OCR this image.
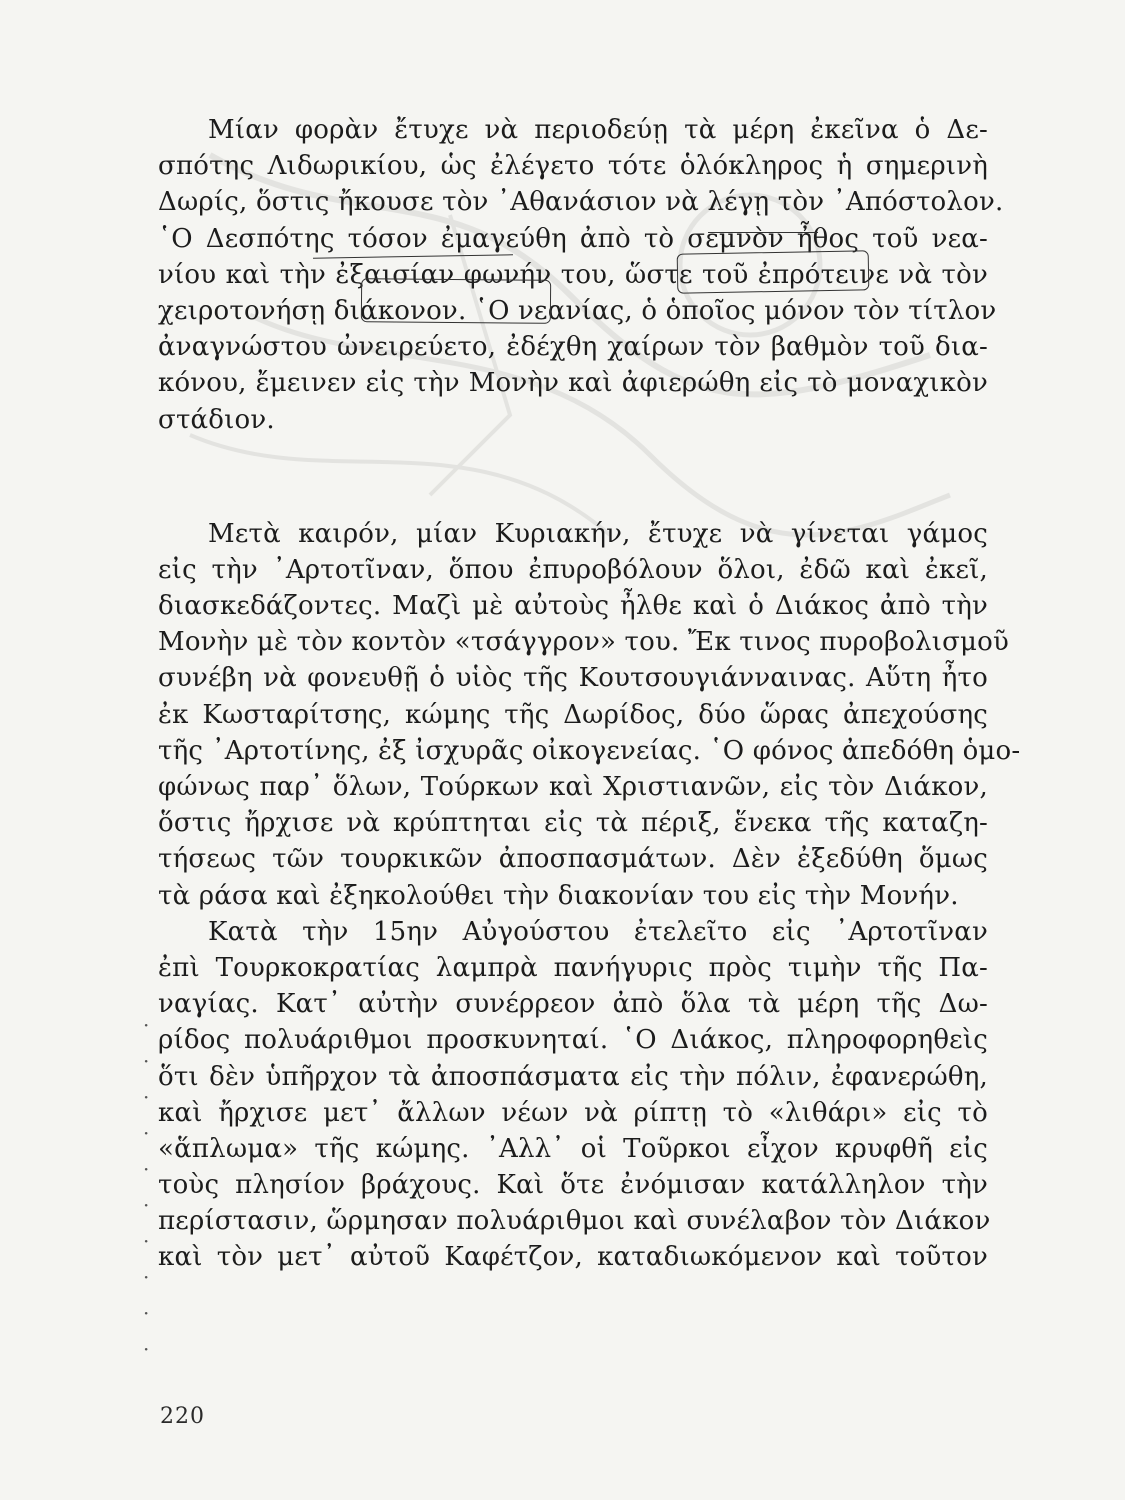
Μίαν φορὰν ἔτυχε νὰ περιοδεύῃ τὰ μέρη ἐκεῖνα ὁ Δε-
σπότης Λιδωρικίου, ὡς ἐλέγετο τότε ὁλόκληρος ἡ σημερινὴ
Δωρίς, ὅστις ἤκουσε τὸν ᾿Αθανάσιον νὰ λέγῃ τὸν ᾿Απόστολον.
῾Ο Δεσπότης τόσον ἐμαγεύθη ἀπὸ τὸ σεμνὸν ἦθος τοῦ νεα-
νίου καὶ τὴν ἐξαισίαν φωνήν του, ὥστε τοῦ ἐπρότεινε νὰ τὸν
χειροτονήσῃ διάκονον. ῾Ο νεανίας, ὁ ὁποῖος μόνον τὸν τίτλον
ἀναγνώστου ὠνειρεύετο, ἐδέχθη χαίρων τὸν βαθμὸν τοῦ δια-
κόνου, ἔμεινεν εἰς τὴν Μονὴν καὶ ἀφιερώθη εἰς τὸ μοναχικὸν
στάδιον.
Μετὰ καιρόν, μίαν Κυριακήν, ἔτυχε νὰ γίνεται γάμος
εἰς τὴν ᾿Αρτοτῖναν, ὅπου ἐπυροβόλουν ὅλοι, ἐδῶ καὶ ἐκεῖ,
διασκεδάζοντες. Μαζὶ μὲ αὐτοὺς ἦλθε καὶ ὁ Διάκος ἀπὸ τὴν
Μονὴν μὲ τὸν κοντὸν «τσάγγρον» του. Ἔκ τινος πυροβολισμοῦ
συνέβη νὰ φονευθῇ ὁ υἱὸς τῆς Κουτσουγιάνναινας. Αὕτη ἦτο
ἐκ Κωσταρίτσης, κώμης τῆς Δωρίδος, δύο ὥρας ἀπεχούσης
τῆς ᾿Αρτοτίνης, ἐξ ἰσχυρᾶς οἰκογενείας. ῾Ο φόνος ἀπεδόθη ὁμο-
φώνως παρ᾿ ὅλων, Τούρκων καὶ Χριστιανῶν, εἰς τὸν Διάκον,
ὅστις ἤρχισε νὰ κρύπτηται εἰς τὰ πέριξ, ἕνεκα τῆς καταζη-
τήσεως τῶν τουρκικῶν ἀποσπασμάτων. Δὲν ἐξεδύθη ὅμως
τὰ ράσα καὶ ἐξηκολούθει τὴν διακονίαν του εἰς τὴν Μονήν.
Κατὰ τὴν 15ην Αὐγούστου ἐτελεῖτο εἰς ᾿Αρτοτῖναν
ἐπὶ Τουρκοκρατίας λαμπρὰ πανήγυρις πρὸς τιμὴν τῆς Πα-
ναγίας. Κατ᾿ αὐτὴν συνέρρεον ἀπὸ ὅλα τὰ μέρη τῆς Δω-
ρίδος πολυάριθμοι προσκυνηταί. ῾Ο Διάκος, πληροφορηθεὶς
ὅτι δὲν ὑπῆρχον τὰ ἀποσπάσματα εἰς τὴν πόλιν, ἐφανερώθη,
καὶ ἤρχισε μετ᾿ ἄλλων νέων νὰ ρίπτῃ τὸ «λιθάρι» εἰς τὸ
«ἅπλωμα» τῆς κώμης. ᾿Αλλ᾿ οἱ Τοῦρκοι εἶχον κρυφθῆ εἰς
τοὺς πλησίον βράχους. Καὶ ὅτε ἐνόμισαν κατάλληλον τὴν
περίστασιν, ὥρμησαν πολυάριθμοι καὶ συνέλαβον τὸν Διάκον
καὶ τὸν μετ᾿ αὐτοῦ Καφέτζον, καταδιωκόμενον καὶ τοῦτον
·
·
·
·
·
·
·
·
·
·
220
